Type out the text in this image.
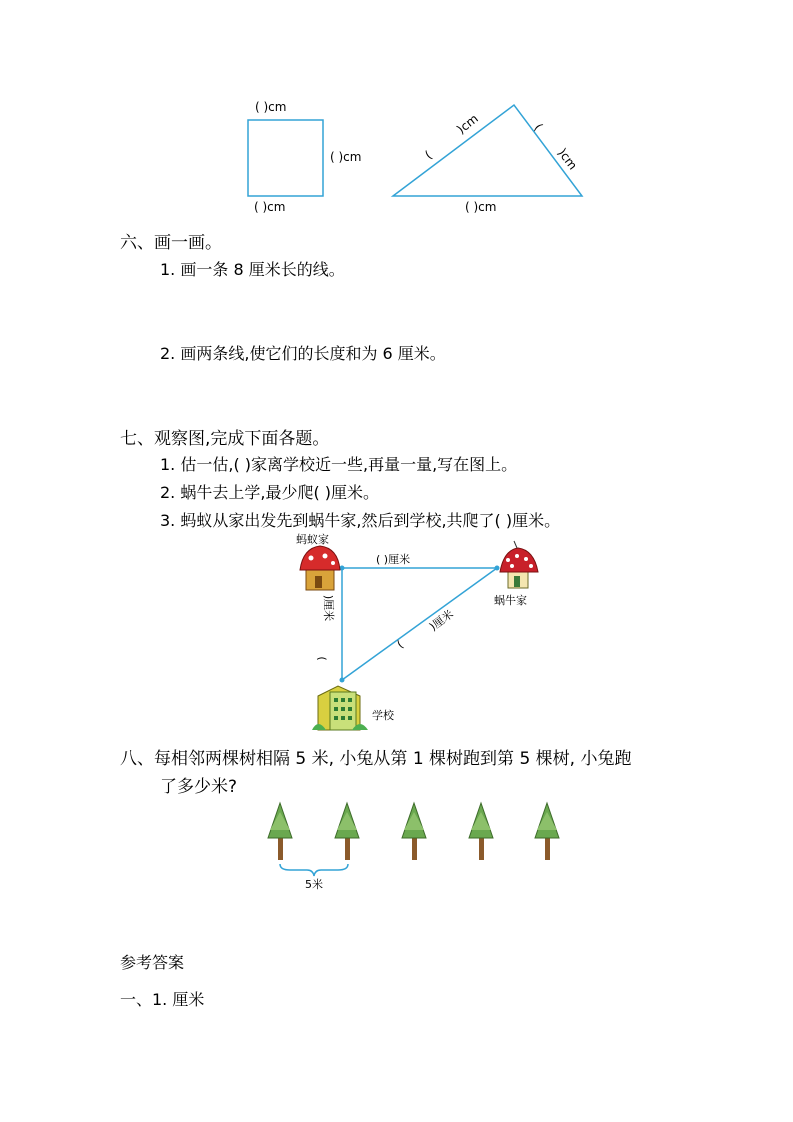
( )cm
( )cm
( )cm
(
)cm	(
)cm
( )cm
六、画一画。
1. 画一条 8 厘米长的线。
2. 画两条线,使它们的长度和为 6 厘米。
七、观察图,完成下面各题。
1. 估一估,( )家离学校近一些,再量一量,写在图上。
2. 蜗牛去上学,最少爬( )厘米。
3. 蚂蚁从家出发先到蜗牛家,然后到学校,共爬了( )厘米。
蚂蚁家
蜗牛家
学校
( )厘米
(
)厘米
(
)厘米
八、每相邻两棵树相隔 5 米, 小兔从第 1 棵树跑到第 5 棵树, 小兔跑
了多少米?
5米
参考答案
一、1. 厘米
